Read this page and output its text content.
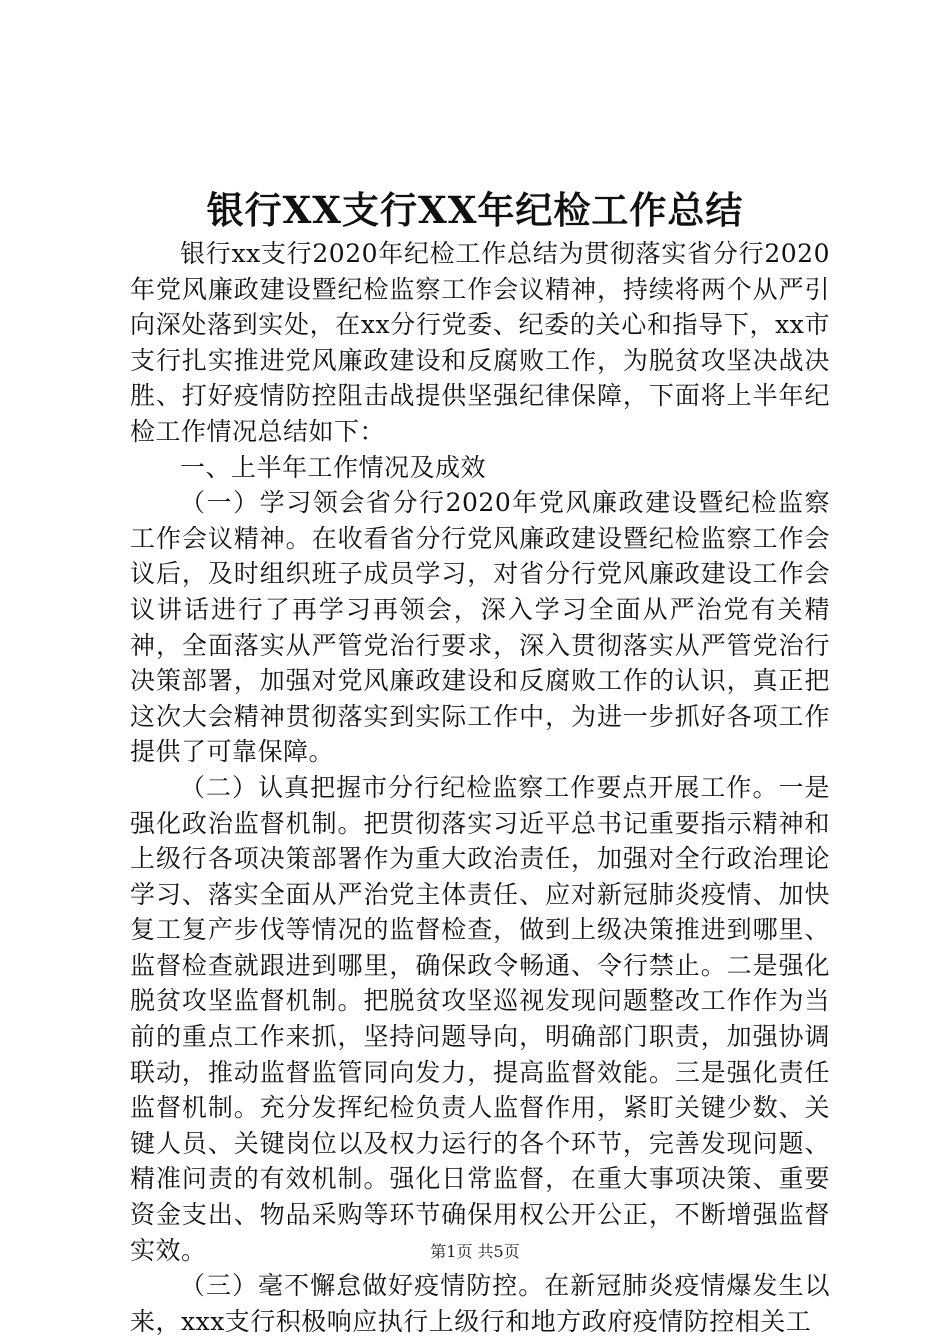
银行XX支行XX年纪检工作总结

银行xx支行2020年纪检工作总结为贯彻落实省分行2020年党风廉政建设暨纪检监察工作会议精神，持续将两个从严引向深处落到实处，在xx分行党委、纪委的关心和指导下，xx市支行扎实推进党风廉政建设和反腐败工作，为脱贫攻坚决战决胜、打好疫情防控阻击战提供坚强纪律保障，下面将上半年纪检工作情况总结如下：

一、上半年工作情况及成效

（一）学习领会省分行2020年党风廉政建设暨纪检监察工作会议精神。在收看省分行党风廉政建设暨纪检监察工作会议后，及时组织班子成员学习，对省分行党风廉政建设工作会议讲话进行了再学习再领会，深入学习全面从严治党有关精神，全面落实从严管党治行要求，深入贯彻落实从严管党治行决策部署，加强对党风廉政建设和反腐败工作的认识，真正把这次大会精神贯彻落实到实际工作中，为进一步抓好各项工作提供了可靠保障。

（二）认真把握市分行纪检监察工作要点开展工作。一是强化政治监督机制。把贯彻落实习近平总书记重要指示精神和上级行各项决策部署作为重大政治责任，加强对全行政治理论学习、落实全面从严治党主体责任、应对新冠肺炎疫情、加快复工复产步伐等情况的监督检查，做到上级决策推进到哪里、监督检查就跟进到哪里，确保政令畅通、令行禁止。二是强化脱贫攻坚监督机制。把脱贫攻坚巡视发现问题整改工作作为当前的重点工作来抓，坚持问题导向，明确部门职责，加强协调联动，推动监督监管同向发力，提高监督效能。三是强化责任监督机制。充分发挥纪检负责人监督作用，紧盯关键少数、关键人员、关键岗位以及权力运行的各个环节，完善发现问题、精准问责的有效机制。强化日常监督，在重大事项决策、重要资金支出、物品采购等环节确保用权公开公正，不断增强监督实效。

（三）毫不懈怠做好疫情防控。在新冠肺炎疫情爆发生以来，xxx支行积极响应执行上级行和地方政府疫情防控相关工

第1页 共5页
